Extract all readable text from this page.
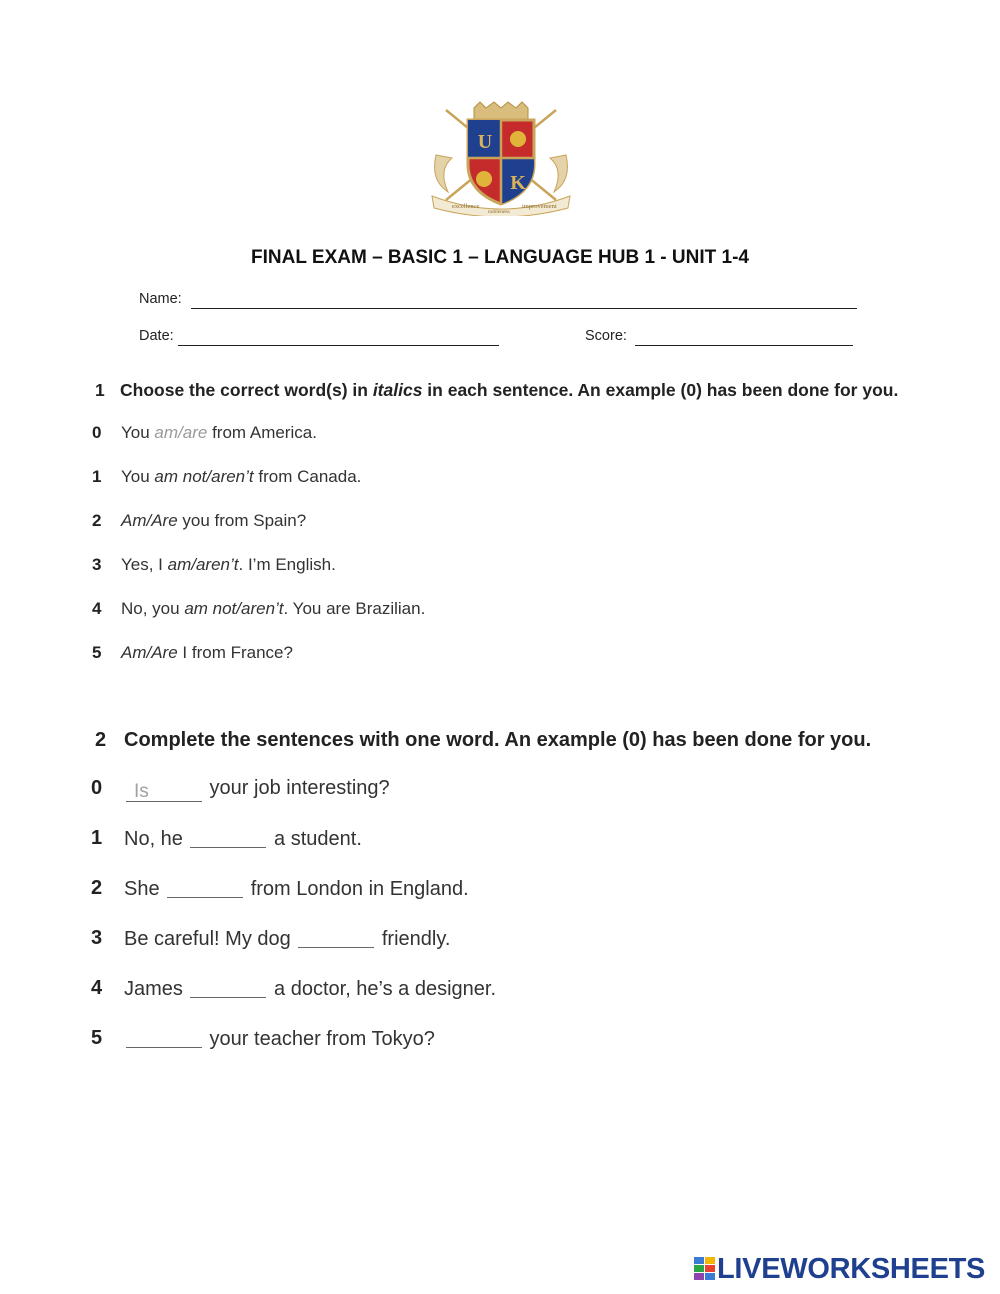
U
K
excellence
nobleness
improvement
FINAL EXAM – BASIC 1 – LANGUAGE HUB 1 - UNIT 1-4
Name:
Date:	Score:
1 Choose the correct word(s) in italics in each sentence. An example (0) has been done for you.
0 You am/are from America.
1 You am not/aren’t from Canada.
2 Am/Are you from Spain?
3 Yes, I am/aren’t. I’m English.
4 No, you am not/aren’t. You are Brazilian.
5 Am/Are I from France?
2 Complete the sentences with one word. An example (0) has been done for you.
0	Is	your job interesting?
1 No, he	a student.
2 She	from London in England.
3 Be careful! My dog	friendly.
4 James	a doctor, he’s a designer.
5	your teacher from Tokyo?
LIVEWORKSHEETS
